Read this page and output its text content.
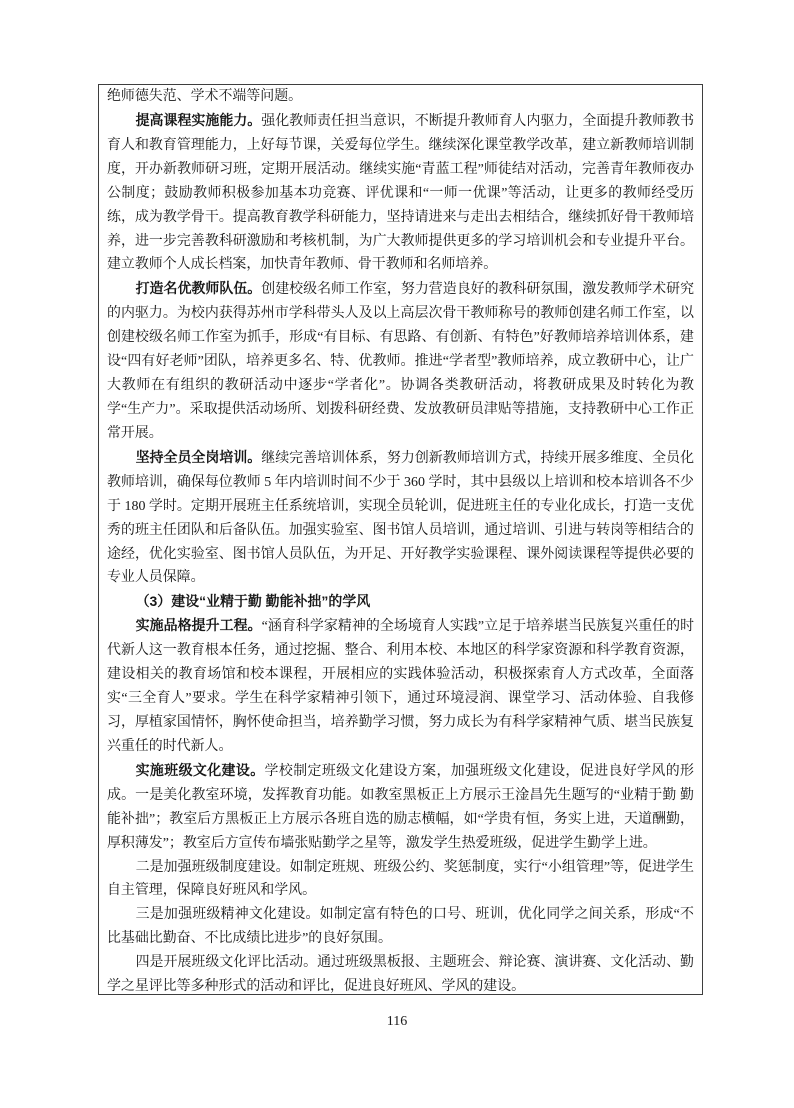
绝师德失范、学术不端等问题。

提高课程实施能力。强化教师责任担当意识，不断提升教师育人内驱力，全面提升教师教书育人和教育管理能力，上好每节课，关爱每位学生。继续深化课堂教学改革，建立新教师培训制度，开办新教师研习班，定期开展活动。继续实施“青蓝工程”师徒结对活动，完善青年教师夜办公制度；鼓励教师积极参加基本功竞赛、评优课和“一师一优课”等活动，让更多的教师经受历练，成为教学骨干。提高教育教学科研能力，坚持请进来与走出去相结合，继续抓好骨干教师培养，进一步完善教科研激励和考核机制，为广大教师提供更多的学习培训机会和专业提升平台。建立教师个人成长档案，加快青年教师、骨干教师和名师培养。

打造名优教师队伍。创建校级名师工作室，努力营造良好的教科研氛围，激发教师学术研究的内驱力。为校内获得苏州市学科带头人及以上高层次骨干教师称号的教师创建名师工作室，以创建校级名师工作室为抓手，形成“有目标、有思路、有创新、有特色”好教师培养培训体系，建设“四有好老师”团队，培养更多名、特、优教师。推进“学者型”教师培养，成立教研中心，让广大教师在有组织的教研活动中逐步“学者化”。协调各类教研活动，将教研成果及时转化为教学“生产力”。采取提供活动场所、划拨科研经费、发放教研员津贴等措施，支持教研中心工作正常开展。

坚持全员全岗培训。继续完善培训体系，努力创新教师培训方式，持续开展多维度、全员化教师培训，确保每位教师 5 年内培训时间不少于 360 学时，其中县级以上培训和校本培训各不少于 180 学时。定期开展班主任系统培训，实现全员轮训，促进班主任的专业化成长，打造一支优秀的班主任团队和后备队伍。加强实验室、图书馆人员培训，通过培训、引进与转岗等相结合的途经，优化实验室、图书馆人员队伍，为开足、开好教学实验课程、课外阅读课程等提供必要的专业人员保障。

（3）建设“业精于勤 勤能补拙”的学风

实施品格提升工程。“涵育科学家精神的全场境育人实践”立足于培养堪当民族复兴重任的时代新人这一教育根本任务，通过挖掘、整合、利用本校、本地区的科学家资源和科学教育资源，建设相关的教育场馆和校本课程，开展相应的实践体验活动，积极探索育人方式改革，全面落实“三全育人”要求。学生在科学家精神引领下，通过环境浸润、课堂学习、活动体验、自我修习，厚植家国情怀，胸怀使命担当，培养勤学习惯，努力成长为有科学家精神气质、堪当民族复兴重任的时代新人。

实施班级文化建设。学校制定班级文化建设方案，加强班级文化建设，促进良好学风的形成。一是美化教室环境，发挥教育功能。如教室黑板正上方展示王淦昌先生题写的“业精于勤 勤能补拙”；教室后方黑板正上方展示各班自选的励志横幅，如“学贵有恒，务实上进，天道酬勤，厚积薄发”；教室后方宣传布墙张贴勤学之星等，激发学生热爱班级，促进学生勤学上进。

二是加强班级制度建设。如制定班规、班级公约、奖惩制度，实行“小组管理”等，促进学生自主管理，保障良好班风和学风。

三是加强班级精神文化建设。如制定富有特色的口号、班训，优化同学之间关系，形成“不比基础比勤奋、不比成绩比进步”的良好氛围。

四是开展班级文化评比活动。通过班级黑板报、主题班会、辩论赛、演讲赛、文化活动、勤学之星评比等多种形式的活动和评比，促进良好班风、学风的建设。

116
